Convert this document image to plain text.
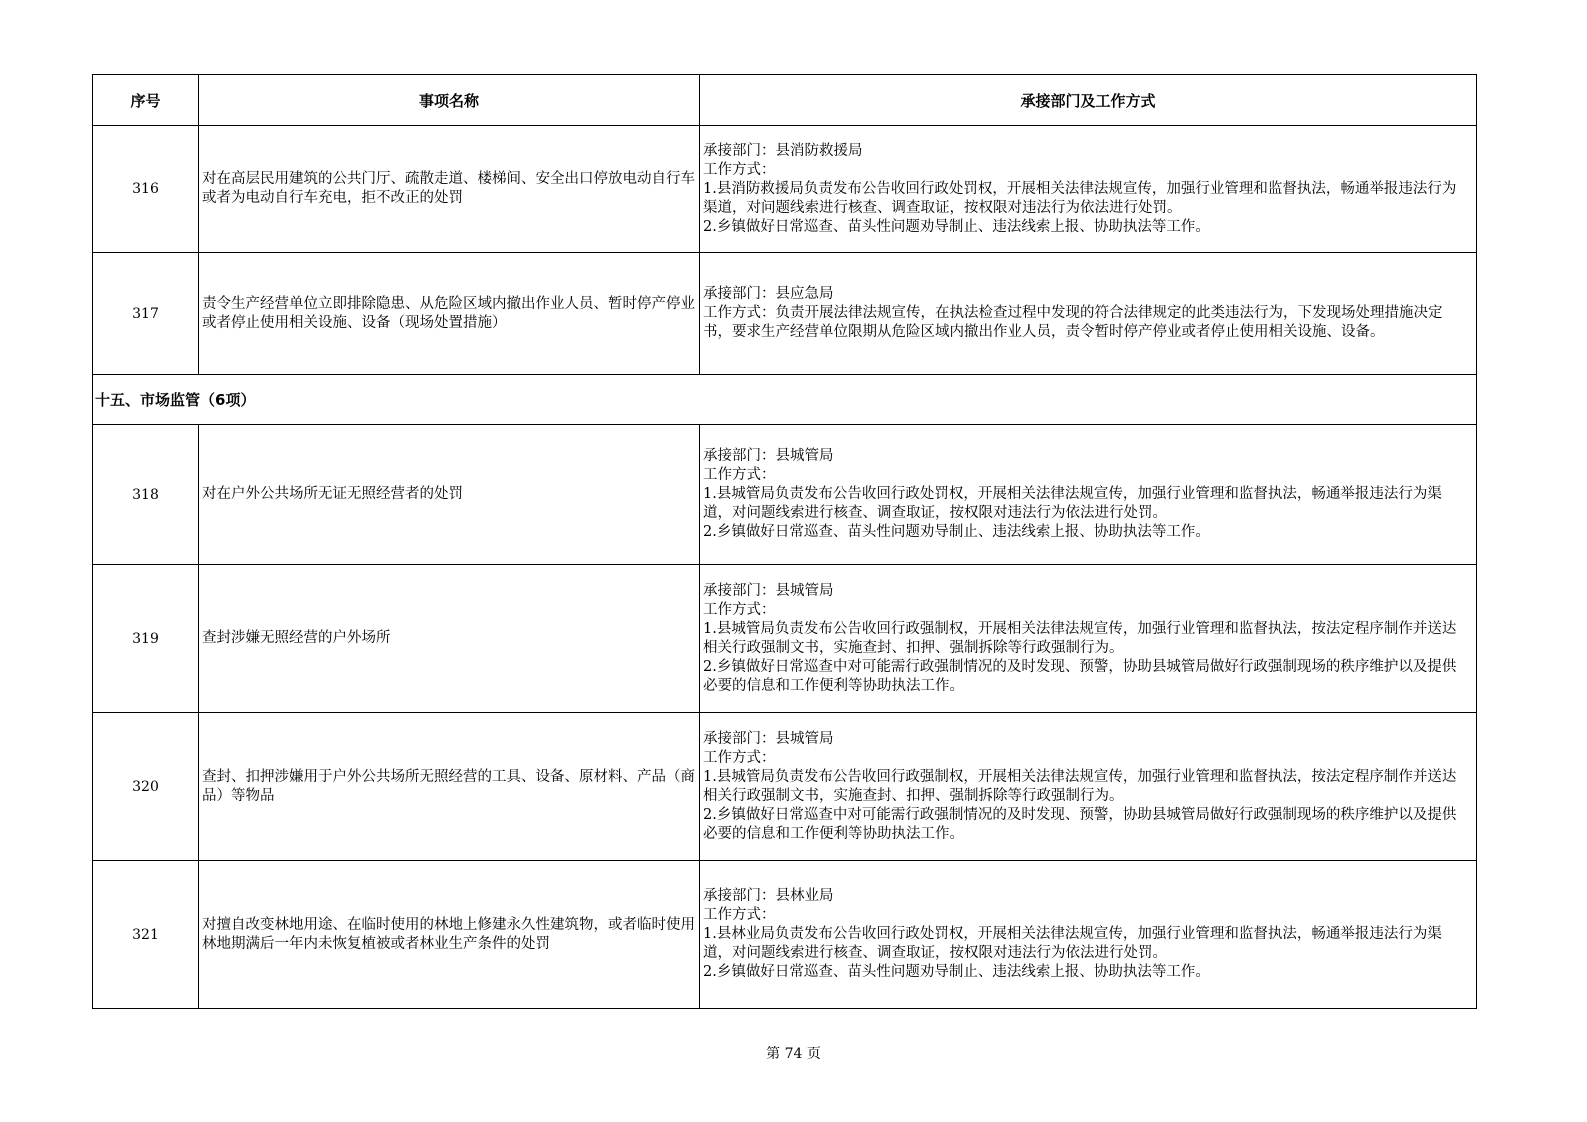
序号	事项名称	承接部门及工作方式
316	对在高层民用建筑的公共门厅、疏散走道、楼梯间、安全出口停放电动自行车或者为电动自行车充电，拒不改正的处罚	承接部门：县消防救援局
工作方式：
1.县消防救援局负责发布公告收回行政处罚权，开展相关法律法规宣传，加强行业管理和监督执法，畅通举报违法行为渠道，对问题线索进行核查、调查取证，按权限对违法行为依法进行处罚。
2.乡镇做好日常巡查、苗头性问题劝导制止、违法线索上报、协助执法等工作。

317	责令生产经营单位立即排除隐患、从危险区域内撤出作业人员、暂时停产停业或者停止使用相关设施、设备（现场处置措施）	承接部门：县应急局
工作方式：负责开展法律法规宣传，在执法检查过程中发现的符合法律规定的此类违法行为，下发现场处理措施决定书，要求生产经营单位限期从危险区域内撤出作业人员，责令暂时停产停业或者停止使用相关设施、设备。

十五、市场监管（6项）		
318	对在户外公共场所无证无照经营者的处罚	承接部门：县城管局
工作方式：
1.县城管局负责发布公告收回行政处罚权，开展相关法律法规宣传，加强行业管理和监督执法，畅通举报违法行为渠道，对问题线索进行核查、调查取证，按权限对违法行为依法进行处罚。
2.乡镇做好日常巡查、苗头性问题劝导制止、违法线索上报、协助执法等工作。

319	查封涉嫌无照经营的户外场所	承接部门：县城管局
工作方式：
1.县城管局负责发布公告收回行政强制权，开展相关法律法规宣传，加强行业管理和监督执法，按法定程序制作并送达相关行政强制文书，实施查封、扣押、强制拆除等行政强制行为。
2.乡镇做好日常巡查中对可能需行政强制情况的及时发现、预警，协助县城管局做好行政强制现场的秩序维护以及提供必要的信息和工作便利等协助执法工作。

320	查封、扣押涉嫌用于户外公共场所无照经营的工具、设备、原材料、产品（商品）等物品	承接部门：县城管局
工作方式：
1.县城管局负责发布公告收回行政强制权，开展相关法律法规宣传，加强行业管理和监督执法，按法定程序制作并送达相关行政强制文书，实施查封、扣押、强制拆除等行政强制行为。
2.乡镇做好日常巡查中对可能需行政强制情况的及时发现、预警，协助县城管局做好行政强制现场的秩序维护以及提供必要的信息和工作便利等协助执法工作。

321	对擅自改变林地用途、在临时使用的林地上修建永久性建筑物，或者临时使用林地期满后一年内未恢复植被或者林业生产条件的处罚	承接部门：县林业局
工作方式：
1.县林业局负责发布公告收回行政处罚权，开展相关法律法规宣传，加强行业管理和监督执法，畅通举报违法行为渠道，对问题线索进行核查、调查取证，按权限对违法行为依法进行处罚。
2.乡镇做好日常巡查、苗头性问题劝导制止、违法线索上报、协助执法等工作。
第 74 页
